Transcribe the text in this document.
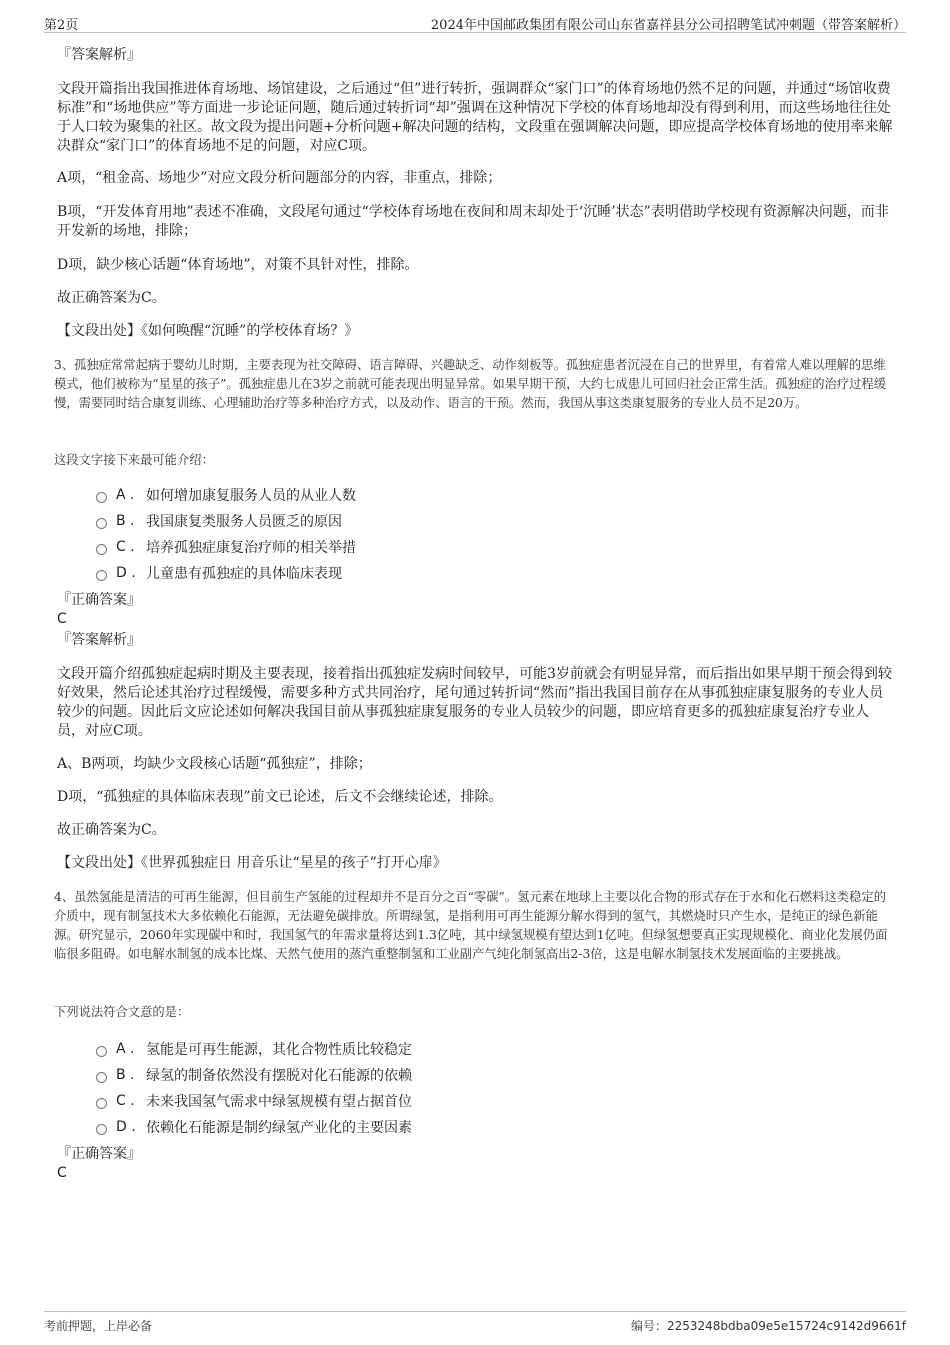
第2页	2024年中国邮政集团有限公司山东省嘉祥县分公司招聘笔试冲刺题（带答案解析）

『答案解析』

文段开篇指出我国推进体育场地、场馆建设，之后通过“但”进行转折，强调群众“家门口”的体育场地仍然不足的问题，并通过“场馆收费标准”和“场地供应”等方面进一步论证问题，随后通过转折词“却”强调在这种情况下学校的体育场地却没有得到利用，而这些场地往往处于人口较为聚集的社区。故文段为提出问题+分析问题+解决问题的结构，文段重在强调解决问题，即应提高学校体育场地的使用率来解决群众“家门口”的体育场地不足的问题，对应C项。

A项，“租金高、场地少”对应文段分析问题部分的内容，非重点，排除；

B项，“开发体育用地”表述不准确，文段尾句通过“学校体育场地在夜间和周末却处于‘沉睡’状态”表明借助学校现有资源解决问题，而非开发新的场地，排除；

D项，缺少核心话题“体育场地”，对策不具针对性，排除。

故正确答案为C。

【文段出处】《如何唤醒“沉睡”的学校体育场？》

3、孤独症常常起病于婴幼儿时期，主要表现为社交障碍、语言障碍、兴趣缺乏、动作刻板等。孤独症患者沉浸在自己的世界里，有着常人难以理解的思维模式，他们被称为“星星的孩子”。孤独症患儿在3岁之前就可能表现出明显异常。如果早期干预，大约七成患儿可回归社会正常生活。孤独症的治疗过程缓慢，需要同时结合康复训练、心理辅助治疗等多种治疗方式，以及动作、语言的干预。然而，我国从事这类康复服务的专业人员不足20万。

这段文字接下来最可能介绍：

A . 如何增加康复服务人员的从业人数
B . 我国康复类服务人员匮乏的原因
C . 培养孤独症康复治疗师的相关举措
D . 儿童患有孤独症的具体临床表现

『正确答案』

C

『答案解析』

文段开篇介绍孤独症起病时期及主要表现，接着指出孤独症发病时间较早，可能3岁前就会有明显异常，而后指出如果早期干预会得到较好效果，然后论述其治疗过程缓慢，需要多种方式共同治疗，尾句通过转折词“然而”指出我国目前存在从事孤独症康复服务的专业人员较少的问题。因此后文应论述如何解决我国目前从事孤独症康复服务的专业人员较少的问题，即应培育更多的孤独症康复治疗专业人员，对应C项。

A、B两项，均缺少文段核心话题“孤独症”，排除；

D项，“孤独症的具体临床表现”前文已论述，后文不会继续论述，排除。

故正确答案为C。

【文段出处】《世界孤独症日 用音乐让“星星的孩子”打开心扉》

4、虽然氢能是清洁的可再生能源，但目前生产氢能的过程却并不是百分之百“零碳”。氢元素在地球上主要以化合物的形式存在于水和化石燃料这类稳定的介质中，现有制氢技术大多依赖化石能源，无法避免碳排放。所谓绿氢，是指利用可再生能源分解水得到的氢气，其燃烧时只产生水，是纯正的绿色新能源。研究显示，2060年实现碳中和时，我国氢气的年需求量将达到1.3亿吨，其中绿氢规模有望达到1亿吨。但绿氢想要真正实现规模化、商业化发展仍面临很多阻碍。如电解水制氢的成本比煤、天然气使用的蒸汽重整制氢和工业副产气纯化制氢高出2-3倍，这是电解水制氢技术发展面临的主要挑战。

下列说法符合文意的是：

A . 氢能是可再生能源，其化合物性质比较稳定
B . 绿氢的制备依然没有摆脱对化石能源的依赖
C . 未来我国氢气需求中绿氢规模有望占据首位
D . 依赖化石能源是制约绿氢产业化的主要因素

『正确答案』

C

考前押题，上岸必备	编号：2253248bdba09e5e15724c9142d9661f
